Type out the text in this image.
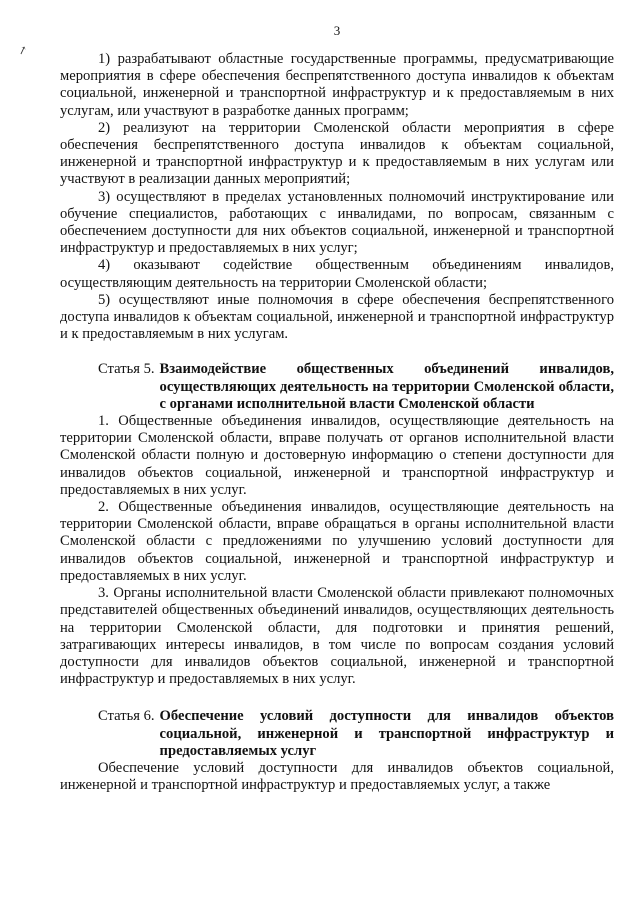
↗
3

1) разрабатывают областные государственные программы, предусматривающие мероприятия в сфере обеспечения беспрепятственного доступа инвалидов к объектам социальной, инженерной и транспортной инфраструктур и к предоставляемым в них услугам, или участвуют в разработке данных программ;

2) реализуют на территории Смоленской области мероприятия в сфере обеспечения беспрепятственного доступа инвалидов к объектам социальной, инженерной и транспортной инфраструктур и к предоставляемым в них услугам или участвуют в реализации данных мероприятий;

3) осуществляют в пределах установленных полномочий инструктирование или обучение специалистов, работающих с инвалидами, по вопросам, связанным с обеспечением доступности для них объектов социальной, инженерной и транспортной инфраструктур и предоставляемых в них услуг;

4) оказывают содействие общественным объединениям инвалидов, осуществляющим деятельность на территории Смоленской области;

5) осуществляют иные полномочия в сфере обеспечения беспрепятственного доступа инвалидов к объектам социальной, инженерной и транспортной инфраструктур и к предоставляемым в них услугам.

Статья 5. Взаимодействие общественных объединений инвалидов, осуществляющих деятельность на территории Смоленской области, с органами исполнительной власти Смоленской области

1. Общественные объединения инвалидов, осуществляющие деятельность на территории Смоленской области, вправе получать от органов исполнительной власти Смоленской области полную и достоверную информацию о степени доступности для инвалидов объектов социальной, инженерной и транспортной инфраструктур и предоставляемых в них услуг.

2. Общественные объединения инвалидов, осуществляющие деятельность на территории Смоленской области, вправе обращаться в органы исполнительной власти Смоленской области с предложениями по улучшению условий доступности для инвалидов объектов социальной, инженерной и транспортной инфраструктур и предоставляемых в них услуг.

3. Органы исполнительной власти Смоленской области привлекают полномочных представителей общественных объединений инвалидов, осуществляющих деятельность на территории Смоленской области, для подготовки и принятия решений, затрагивающих интересы инвалидов, в том числе по вопросам создания условий доступности для инвалидов объектов социальной, инженерной и транспортной инфраструктур и предоставляемых в них услуг.

Статья 6. Обеспечение условий доступности для инвалидов объектов социальной, инженерной и транспортной инфраструктур и предоставляемых услуг

Обеспечение условий доступности для инвалидов объектов социальной, инженерной и транспортной инфраструктур и предоставляемых услуг, а также
